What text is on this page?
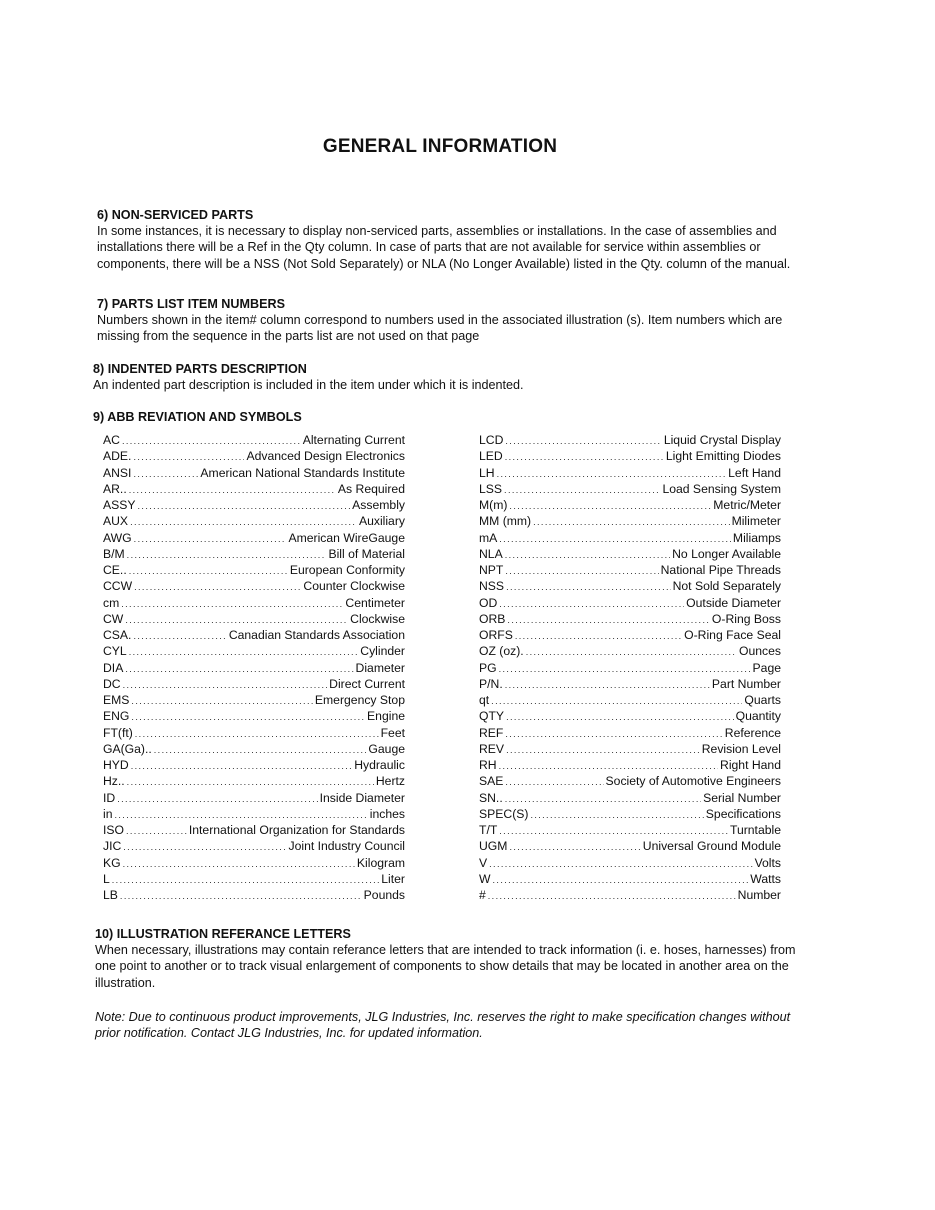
GENERAL INFORMATION
6) NON-SERVICED PARTS

In some instances, it is necessary to display non-serviced parts, assemblies or installations. In the case of assemblies and installations there will be a Ref in the Qty column. In case of parts that are not available for service within assemblies or components, there will be a NSS (Not Sold Separately) or NLA (No Longer Available) listed in the Qty. column of the manual.

7) PARTS LIST ITEM NUMBERS

Numbers shown in the item# column correspond to numbers used in the associated illustration (s). Item numbers which are missing from the sequence in the parts list are not used on that page

8) INDENTED PARTS DESCRIPTION

An indented part description is included in the item under which it is indented.

9) ABB REVIATION AND SYMBOLS
AC .....	Alternating Current
ADE. .....	Advanced Design Electronics
ANSI .....	American National Standards Institute
AR.. .....	As Required
ASSY .....	Assembly
AUX .....	Auxiliary
AWG .....	American WireGauge
B/M .....	Bill of Material
CE.. .....	European Conformity
CCW .....	Counter Clockwise
cm .....	Centimeter
CW .....	Clockwise
CSA. .....	Canadian Standards Association
CYL .....	Cylinder
DIA .....	Diameter
DC .....	Direct Current
EMS .....	Emergency Stop
ENG .....	Engine
FT(ft) .....	Feet
GA(Ga).. .....	Gauge
HYD .....	Hydraulic
Hz.. .....	Hertz
ID .....	Inside Diameter
in .....	inches
ISO .....	International Organization for Standards
JIC .....	Joint Industry Council
KG .....	Kilogram
L .....	Liter
LB .....	Pounds
LCD .....	Liquid Crystal Display
LED .....	Light Emitting Diodes
LH .....	Left Hand
LSS .....	Load Sensing System
M(m) .....	Metric/Meter
MM (mm) .....	Milimeter
mA .....	Miliamps
NLA .....	No Longer Available
NPT .....	National Pipe Threads
NSS .....	Not Sold Separately
OD .....	Outside Diameter
ORB .....	O-Ring Boss
ORFS .....	O-Ring Face Seal
OZ (oz). .....	Ounces
PG .....	Page
P/N. .....	Part Number
qt .....	Quarts
QTY .....	Quantity
REF .....	Reference
REV .....	Revision Level
RH .....	Right Hand
SAE .....	Society of Automotive Engineers
SN.. .....	Serial Number
SPEC(S) .....	Specifications
T/T .....	Turntable
UGM .....	Universal Ground Module
V .....	Volts
W .....	Watts
# .....	Number
10) ILLUSTRATION REFERANCE LETTERS

When necessary, illustrations may contain referance letters that are intended to track information (i. e. hoses, harnesses) from one point to another or to track visual enlargement of components to show details that may be located in another area on the illustration.

Note: Due to continuous product improvements, JLG Industries, Inc. reserves the right to make specification changes without prior notification. Contact JLG Industries, Inc. for updated information.
